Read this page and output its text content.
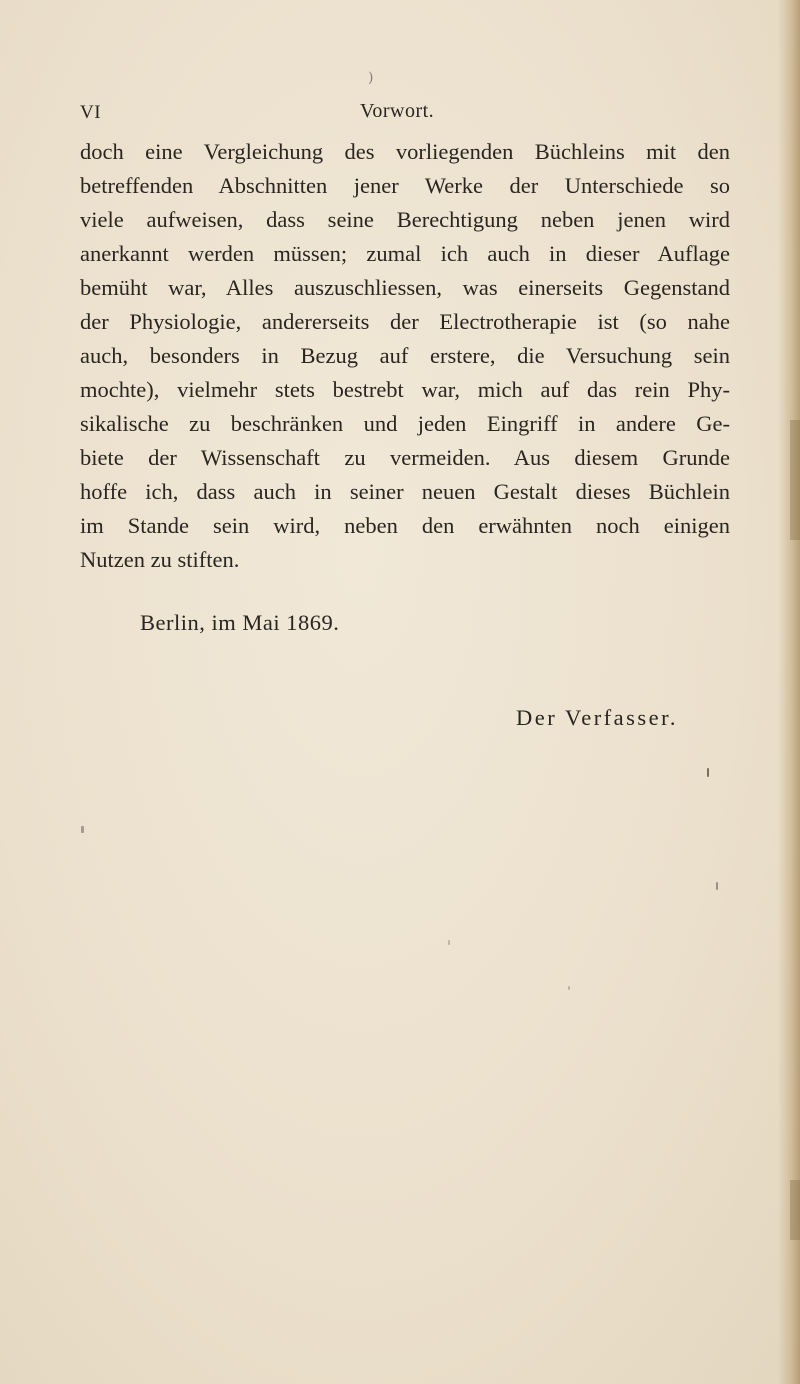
)
VI	Vorwort.
doch eine Vergleichung des vorliegenden Büchleins mit den
betreffenden Abschnitten jener Werke der Unterschiede so
viele aufweisen, dass seine Berechtigung neben jenen wird
anerkannt werden müssen; zumal ich auch in dieser Auflage
bemüht war, Alles auszuschliessen, was einerseits Gegenstand
der Physiologie, andererseits der Electrotherapie ist (so nahe
auch, besonders in Bezug auf erstere, die Versuchung sein
mochte), vielmehr stets bestrebt war, mich auf das rein Phy-
sikalische zu beschränken und jeden Eingriff in andere Ge-
biete der Wissenschaft zu vermeiden. Aus diesem Grunde
hoffe ich, dass auch in seiner neuen Gestalt dieses Büchlein
im Stande sein wird, neben den erwähnten noch einigen
Nutzen zu stiften.
Berlin, im Mai 1869.
Der Verfasser.
